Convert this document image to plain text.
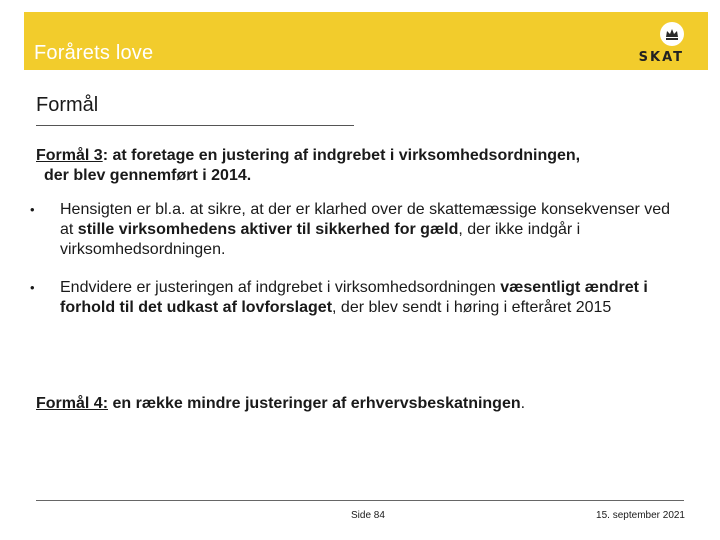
Forårets love	SKAT
Formål
Formål 3: at foretage en justering af indgrebet i virksomhedsordningen,
der blev gennemført i 2014.
• Hensigten er bl.a. at sikre, at der er klarhed over de skattemæssige konsekvenser ved at stille virksomhedens aktiver til sikkerhed for gæld, der ikke indgår i virksomhedsordningen.
• Endvidere er justeringen af indgrebet i virksomhedsordningen væsentligt ændret i forhold til det udkast af lovforslaget, der blev sendt i høring i efteråret 2015
Formål 4: en række mindre justeringer af erhvervsbeskatningen.
Side 84	15. september 2021
